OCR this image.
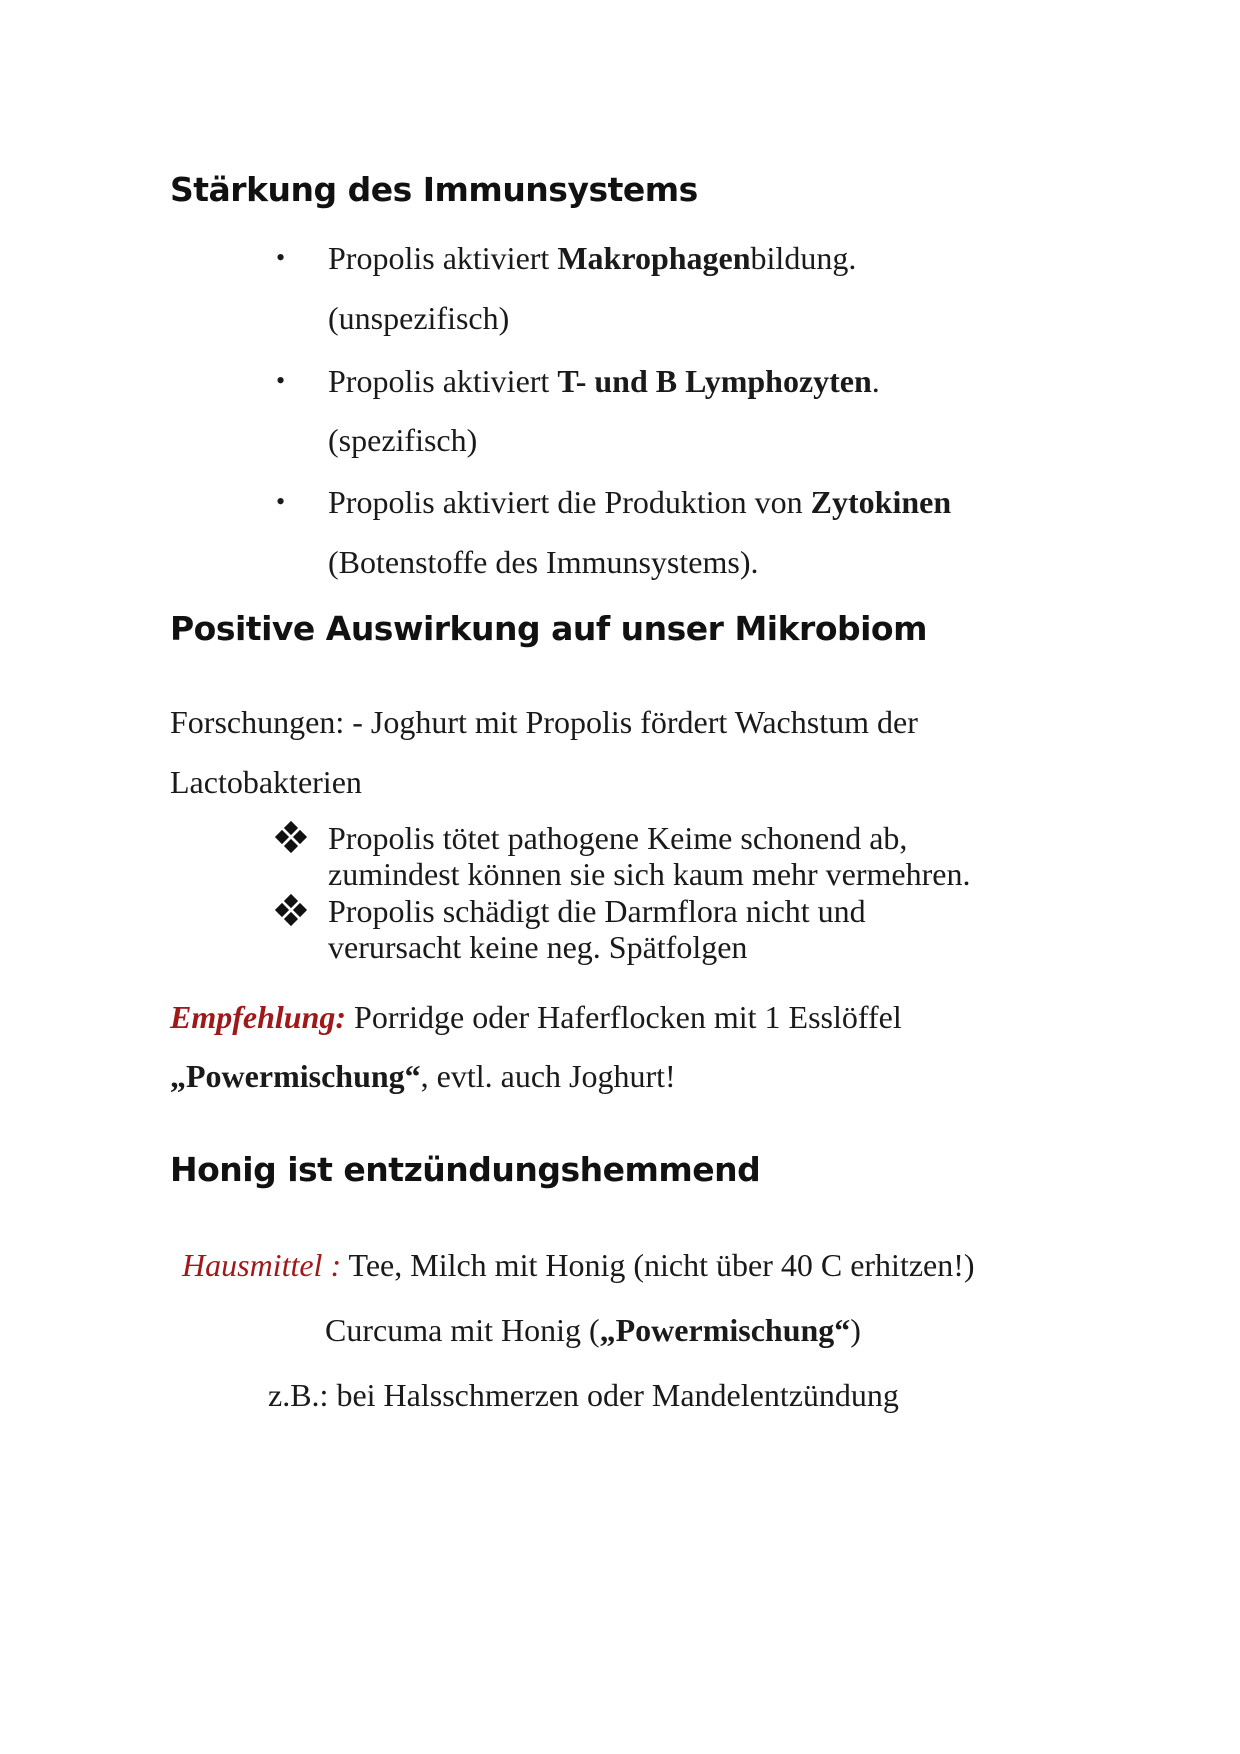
Stärkung des Immunsystems
• Propolis aktiviert Makrophagenbildung.

(unspezifisch)

• Propolis aktiviert T- und B Lymphozyten.

(spezifisch)

• Propolis aktiviert die Produktion von Zytokinen

(Botenstoffe des Immunsystems).

Positive Auswirkung auf unser Mikrobiom

Forschungen: - Joghurt mit Propolis fördert Wachstum der

Lactobakterien

Propolis tötet pathogene Keime schonend ab,

zumindest können sie sich kaum mehr vermehren.

Propolis schädigt die Darmflora nicht und

verursacht keine neg. Spätfolgen

Empfehlung: Porridge oder Haferflocken mit 1 Esslöffel

„Powermischung“, evtl. auch Joghurt!

Honig ist entzündungshemmend

Hausmittel : Tee, Milch mit Honig (nicht über 40 C erhitzen!)

Curcuma mit Honig („Powermischung“)

z.B.: bei Halsschmerzen oder Mandelentzündung
